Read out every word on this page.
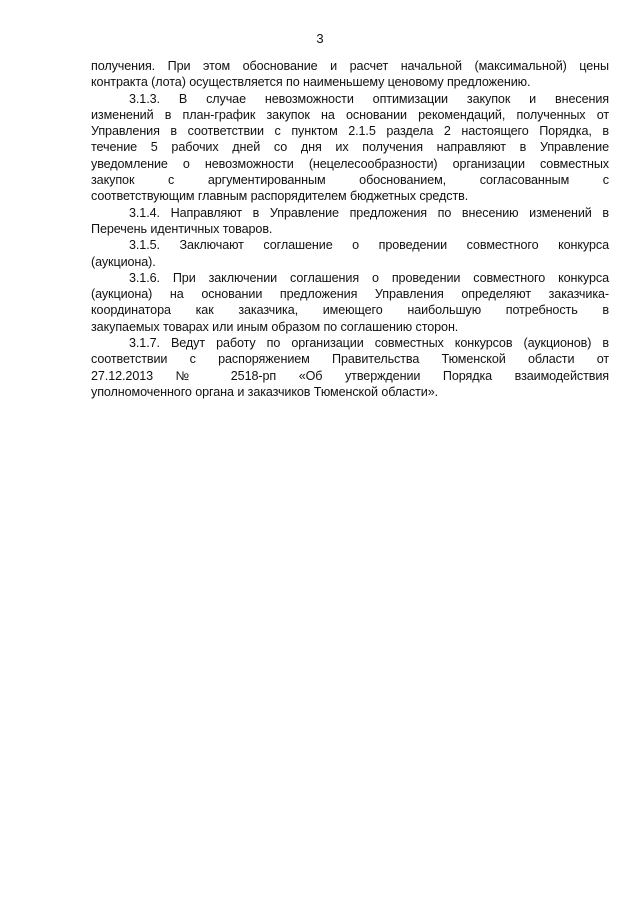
3
получения. При этом обоснование и расчет начальной (максимальной) цены
контракта (лота) осуществляется по наименьшему ценовому предложению.
3.1.3. В случае невозможности оптимизации закупок и внесения
изменений в план-график закупок на основании рекомендаций, полученных от
Управления в соответствии с пунктом 2.1.5 раздела 2 настоящего Порядка, в
течение 5 рабочих дней со дня их получения направляют в Управление
уведомление о невозможности (нецелесообразности) организации совместных
закупок с аргументированным обоснованием, согласованным с
соответствующим главным распорядителем бюджетных средств.
3.1.4. Направляют в Управление предложения по внесению изменений в
Перечень идентичных товаров.
3.1.5. Заключают соглашение о проведении совместного конкурса
(аукциона).
3.1.6. При заключении соглашения о проведении совместного конкурса
(аукциона) на основании предложения Управления определяют заказчика-
координатора как заказчика, имеющего наибольшую потребность в
закупаемых товарах или иным образом по соглашению сторон.
3.1.7. Ведут работу по организации совместных конкурсов (аукционов) в
соответствии с распоряжением Правительства Тюменской области от
27.12.2013 № 2518-рп «Об утверждении Порядка взаимодействия
уполномоченного органа и заказчиков Тюменской области».
